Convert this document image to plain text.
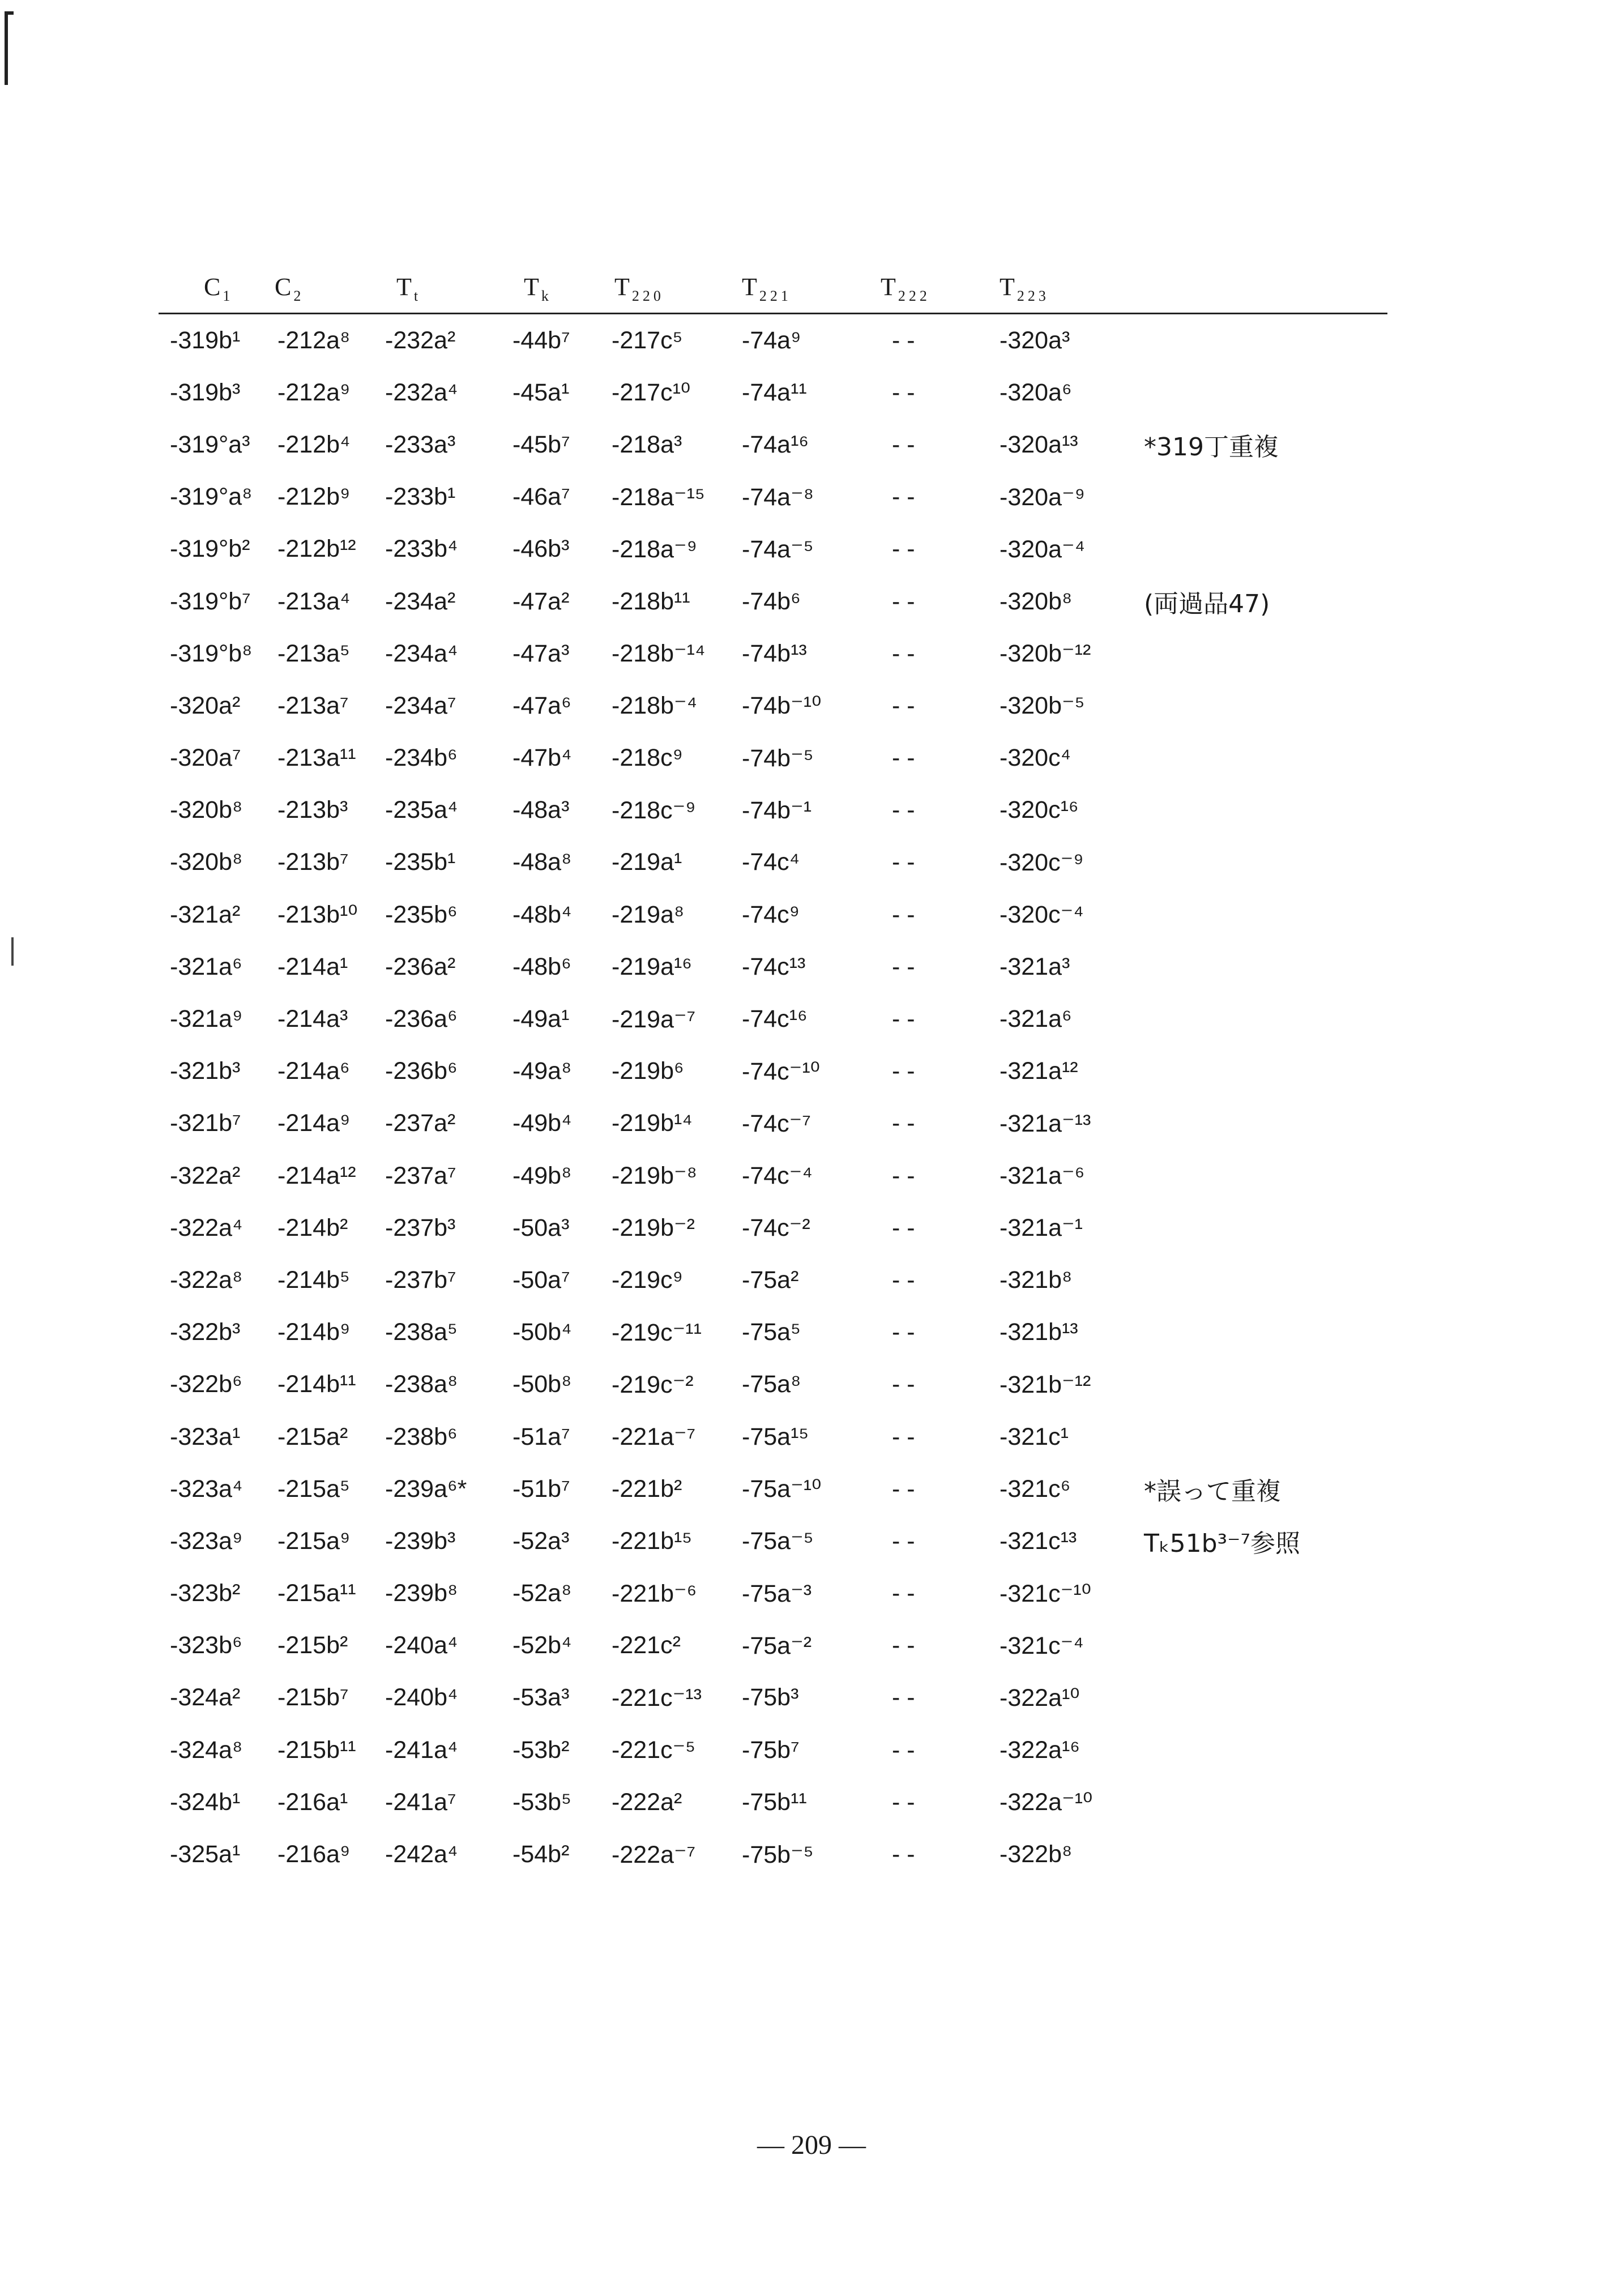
C $_1$	C $_2$	T $_t$	T $_k$	T $_{220}$	T $_{221}$	T $_{222}$	T $_{223}$	
-319b¹	-212a⁸	-232a²	-44b⁷	-217c⁵	-74a⁹	- -	-320a³	
-319b³	-212a⁹	-232a⁴	-45a¹	-217c¹⁰	-74a¹¹	- -	-320a⁶	
-319°a³	-212b⁴	-233a³	-45b⁷	-218a³	-74a¹⁶	- -	-320a¹³	*319丁重複
-319°a⁸	-212b⁹	-233b¹	-46a⁷	-218a⁻¹⁵	-74a⁻⁸	- -	-320a⁻⁹	
-319°b²	-212b¹²	-233b⁴	-46b³	-218a⁻⁹	-74a⁻⁵	- -	-320a⁻⁴	
-319°b⁷	-213a⁴	-234a²	-47a²	-218b¹¹	-74b⁶	- -	-320b⁸	(両過品47)
-319°b⁸	-213a⁵	-234a⁴	-47a³	-218b⁻¹⁴	-74b¹³	- -	-320b⁻¹²	
-320a²	-213a⁷	-234a⁷	-47a⁶	-218b⁻⁴	-74b⁻¹⁰	- -	-320b⁻⁵	
-320a⁷	-213a¹¹	-234b⁶	-47b⁴	-218c⁹	-74b⁻⁵	- -	-320c⁴	
-320b⁸	-213b³	-235a⁴	-48a³	-218c⁻⁹	-74b⁻¹	- -	-320c¹⁶	
-320b⁸	-213b⁷	-235b¹	-48a⁸	-219a¹	-74c⁴	- -	-320c⁻⁹	
-321a²	-213b¹⁰	-235b⁶	-48b⁴	-219a⁸	-74c⁹	- -	-320c⁻⁴	
-321a⁶	-214a¹	-236a²	-48b⁶	-219a¹⁶	-74c¹³	- -	-321a³	
-321a⁹	-214a³	-236a⁶	-49a¹	-219a⁻⁷	-74c¹⁶	- -	-321a⁶	
-321b³	-214a⁶	-236b⁶	-49a⁸	-219b⁶	-74c⁻¹⁰	- -	-321a¹²	
-321b⁷	-214a⁹	-237a²	-49b⁴	-219b¹⁴	-74c⁻⁷	- -	-321a⁻¹³	
-322a²	-214a¹²	-237a⁷	-49b⁸	-219b⁻⁸	-74c⁻⁴	- -	-321a⁻⁶	
-322a⁴	-214b²	-237b³	-50a³	-219b⁻²	-74c⁻²	- -	-321a⁻¹	
-322a⁸	-214b⁵	-237b⁷	-50a⁷	-219c⁹	-75a²	- -	-321b⁸	
-322b³	-214b⁹	-238a⁵	-50b⁴	-219c⁻¹¹	-75a⁵	- -	-321b¹³	
-322b⁶	-214b¹¹	-238a⁸	-50b⁸	-219c⁻²	-75a⁸	- -	-321b⁻¹²	
-323a¹	-215a²	-238b⁶	-51a⁷	-221a⁻⁷	-75a¹⁵	- -	-321c¹	
-323a⁴	-215a⁵	-239a⁶*	-51b⁷	-221b²	-75a⁻¹⁰	- -	-321c⁶	*誤って重複
-323a⁹	-215a⁹	-239b³	-52a³	-221b¹⁵	-75a⁻⁵	- -	-321c¹³	Tₖ51b³⁻⁷参照
-323b²	-215a¹¹	-239b⁸	-52a⁸	-221b⁻⁶	-75a⁻³	- -	-321c⁻¹⁰	
-323b⁶	-215b²	-240a⁴	-52b⁴	-221c²	-75a⁻²	- -	-321c⁻⁴	
-324a²	-215b⁷	-240b⁴	-53a³	-221c⁻¹³	-75b³	- -	-322a¹⁰	
-324a⁸	-215b¹¹	-241a⁴	-53b²	-221c⁻⁵	-75b⁷	- -	-322a¹⁶	
-324b¹	-216a¹	-241a⁷	-53b⁵	-222a²	-75b¹¹	- -	-322a⁻¹⁰	
-325a¹	-216a⁹	-242a⁴	-54b²	-222a⁻⁷	-75b⁻⁵	- -	-322b⁸	
— 209 —
